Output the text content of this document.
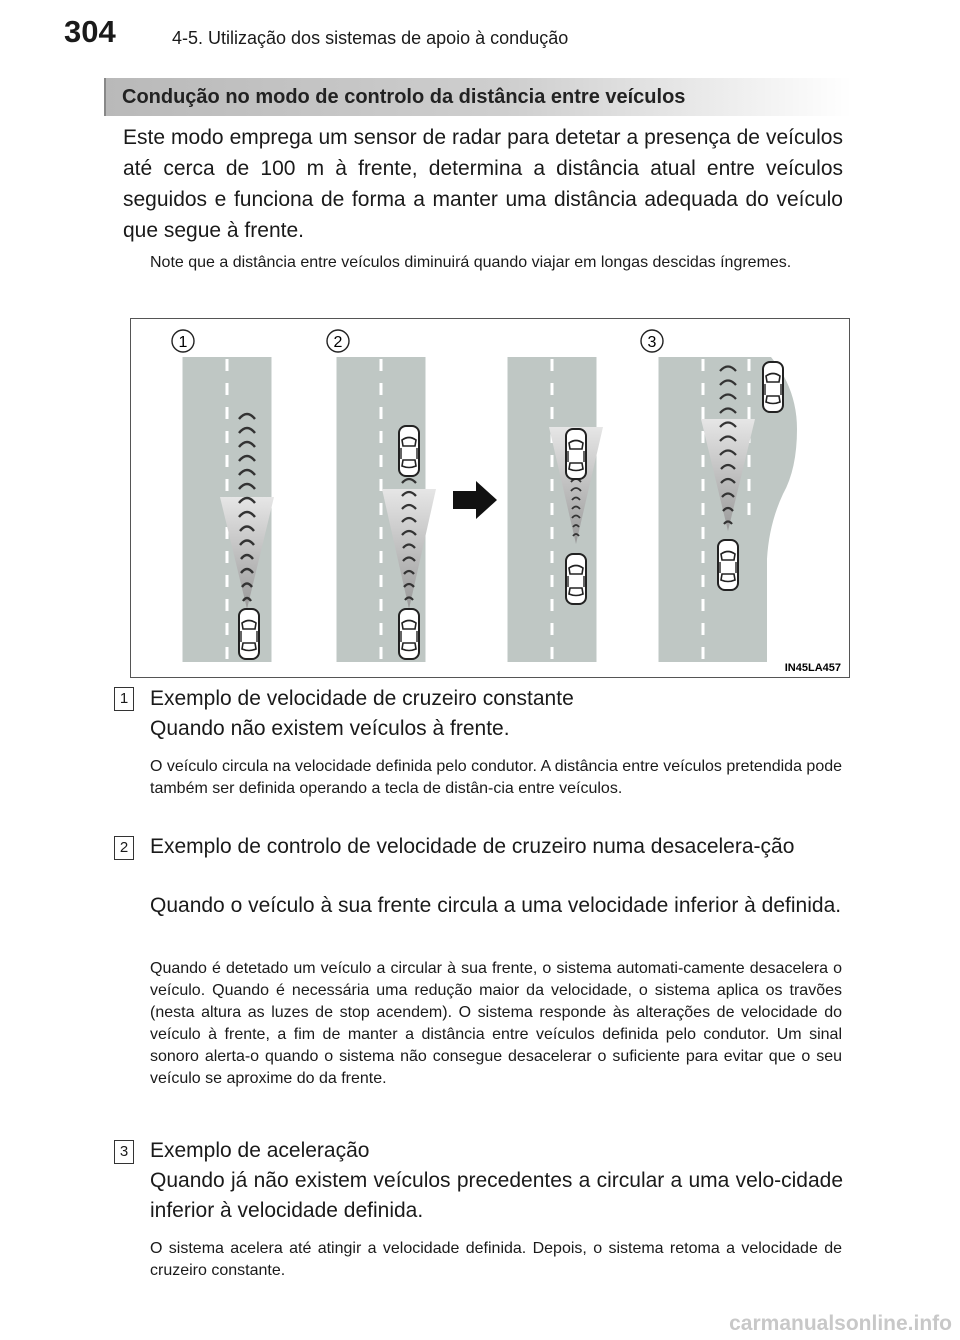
304	4-5. Utilização dos sistemas de apoio à condução
Condução no modo de controlo da distância entre veículos
Este modo emprega um sensor de radar para detetar a presença de veículos até cerca de 100 m à frente, determina a distância atual entre veículos seguidos e funciona de forma a manter uma distância adequada do veículo que segue à frente.
Note que a distância entre veículos diminuirá quando viajar em longas descidas íngremes.
1	2	3
IN45LA457
1 Exemplo de velocidade de cruzeiro constante
Quando não existem veículos à frente.
O veículo circula na velocidade definida pelo condutor. A distância entre veículos pretendida pode também ser definida operando a tecla de distân-cia entre veículos.
2 Exemplo de controlo de velocidade de cruzeiro numa desacelera-ção
Quando o veículo à sua frente circula a uma velocidade inferior à definida.
Quando é detetado um veículo a circular à sua frente, o sistema automati-camente desacelera o veículo. Quando é necessária uma redução maior da velocidade, o sistema aplica os travões (nesta altura as luzes de stop acendem). O sistema responde às alterações de velocidade do veículo à frente, a fim de manter a distância entre veículos definida pelo condutor. Um sinal sonoro alerta-o quando o sistema não consegue desacelerar o suficiente para evitar que o seu veículo se aproxime do da frente.
3 Exemplo de aceleração
Quando já não existem veículos precedentes a circular a uma velo-cidade inferior à velocidade definida.
O sistema acelera até atingir a velocidade definida. Depois, o sistema retoma a velocidade de cruzeiro constante.
carmanualsonline.info
